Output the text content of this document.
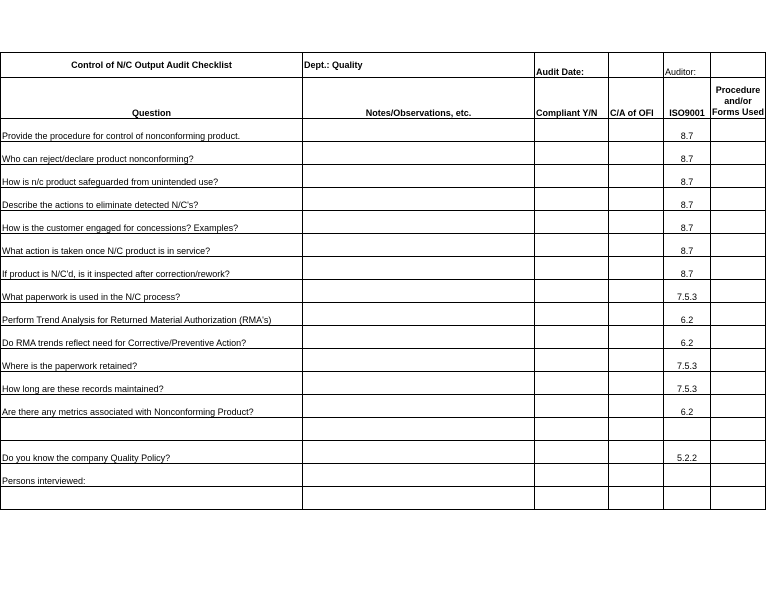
Control of N/C Output Audit Checklist	Dept.: Quality	Audit Date:		Auditor:	
Question	Notes/Observations, etc.	Compliant Y/N	C/A of OFI	ISO9001	Procedure and/or Forms Used
Provide the procedure for control of nonconforming product.				8.7	
Who can reject/declare product nonconforming?				8.7	
How is n/c product safeguarded from unintended use?				8.7	
Describe the actions to eliminate detected N/C's?				8.7	
How is the customer engaged for concessions? Examples?				8.7	
What action is taken once N/C product is in service?				8.7	
If product is N/C'd, is it inspected after correction/rework?				8.7	
What paperwork is used in the N/C process?				7.5.3	
Perform Trend Analysis for Returned Material Authorization (RMA's)				6.2	
Do RMA trends reflect need for Corrective/Preventive Action?				6.2	
Where is the paperwork retained?				7.5.3	
How long are these records maintained?				7.5.3	
Are there any metrics associated with Nonconforming Product?				6.2	

Do you know the company Quality Policy?				5.2.2	
Persons interviewed:					
